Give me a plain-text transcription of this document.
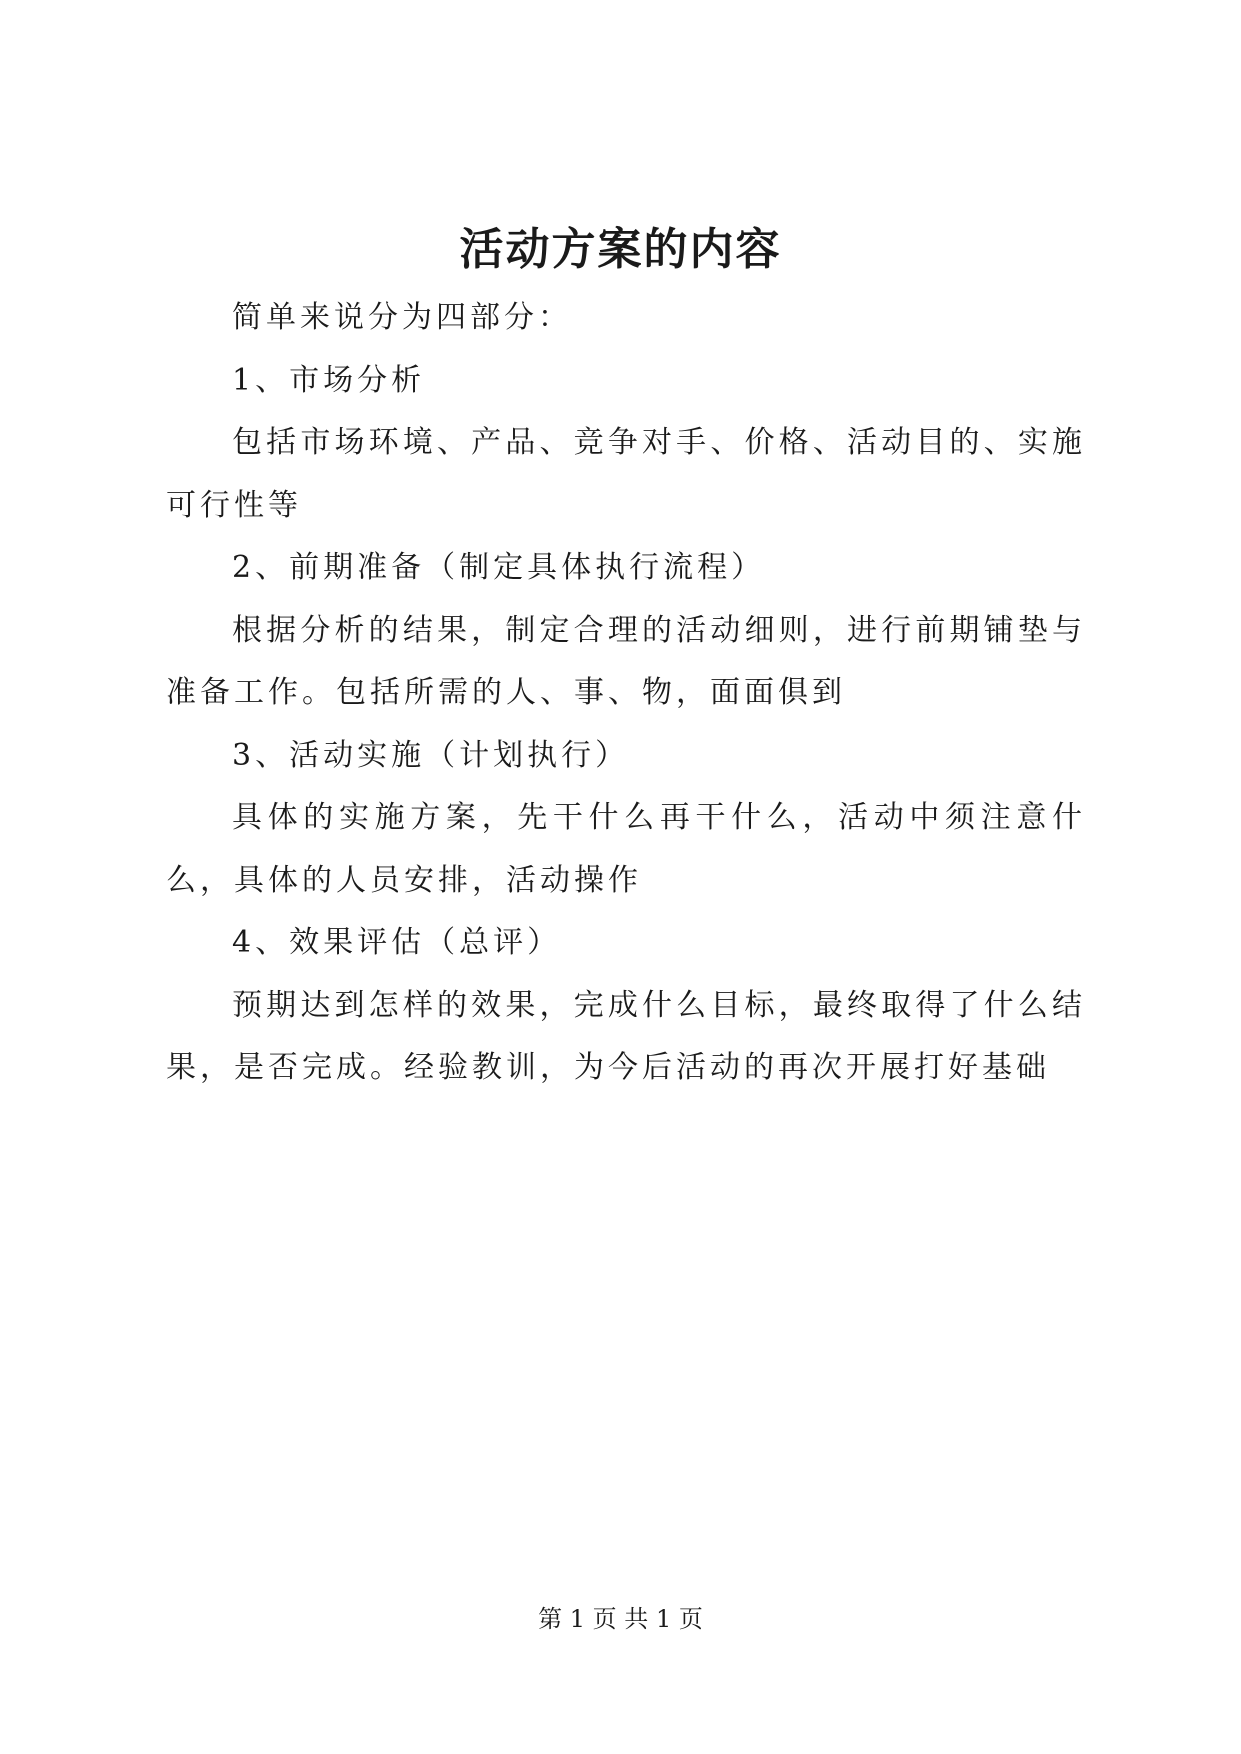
活动方案的内容

简单来说分为四部分：

1、市场分析

包括市场环境、产品、竞争对手、价格、活动目的、实施可行性等

2、前期准备（制定具体执行流程）

根据分析的结果，制定合理的活动细则，进行前期铺垫与准备工作。包括所需的人、事、物，面面俱到

3、活动实施（计划执行）

具体的实施方案，先干什么再干什么，活动中须注意什么，具体的人员安排，活动操作

4、效果评估（总评）

预期达到怎样的效果，完成什么目标，最终取得了什么结果，是否完成。经验教训，为今后活动的再次开展打好基础

第 1 页 共 1 页
